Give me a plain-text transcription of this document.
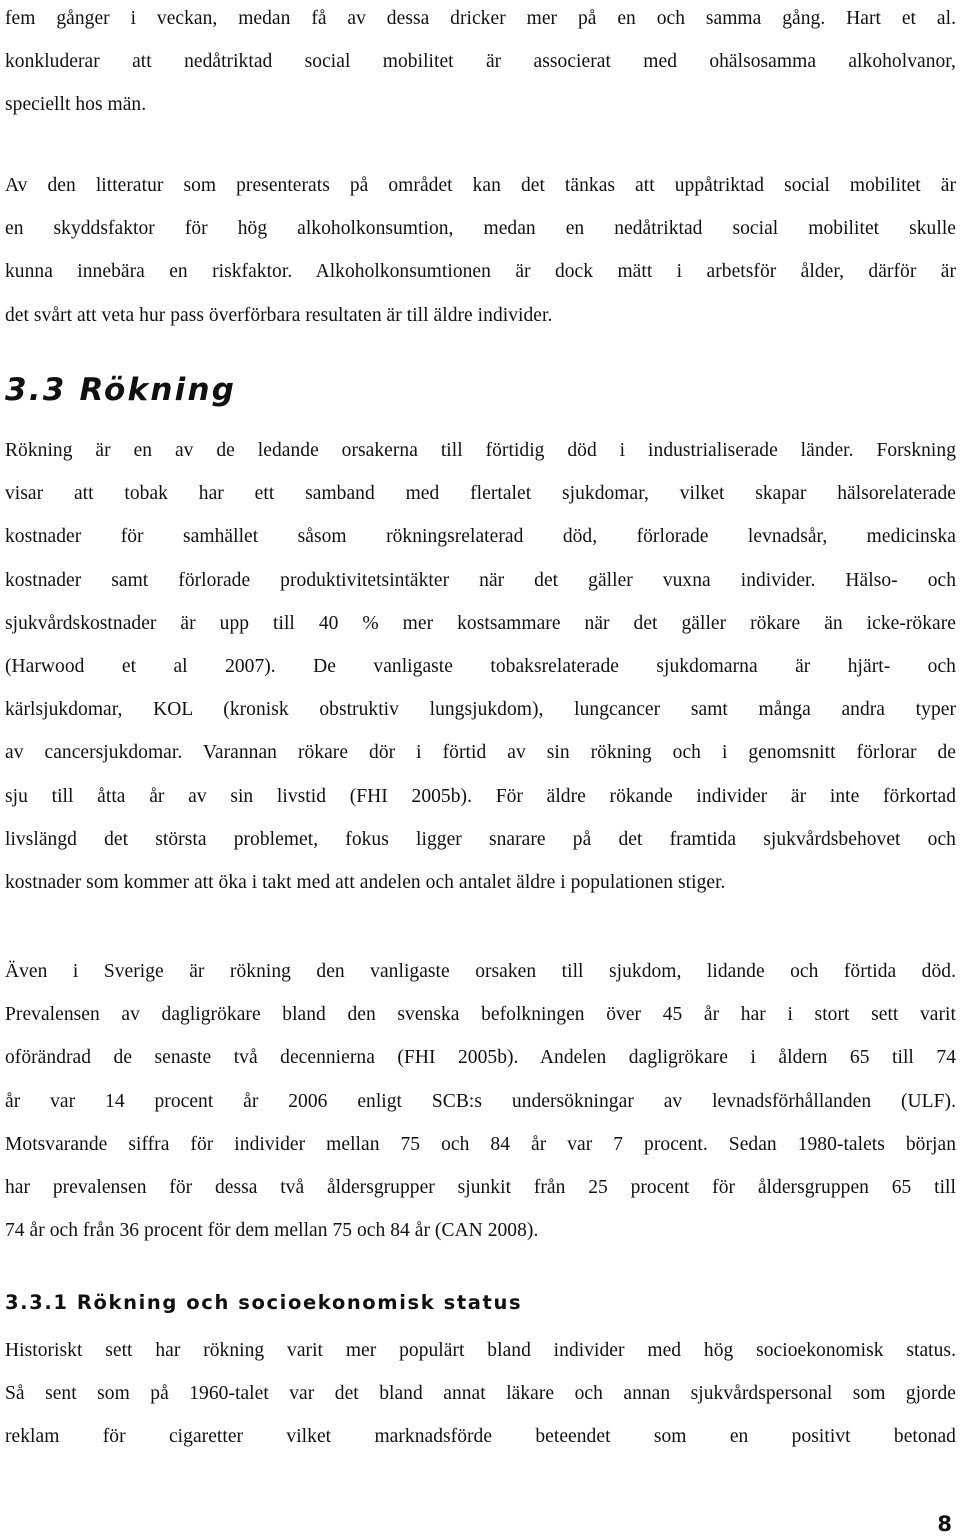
fem gånger i veckan, medan få av dessa dricker mer på en och samma gång. Hart et al.
konkluderar att nedåtriktad social mobilitet är associerat med ohälsosamma alkoholvanor,
speciellt hos män.

Av den litteratur som presenterats på området kan det tänkas att uppåtriktad social mobilitet är
en skyddsfaktor för hög alkoholkonsumtion, medan en nedåtriktad social mobilitet skulle
kunna innebära en riskfaktor. Alkoholkonsumtionen är dock mätt i arbetsför ålder, därför är
det svårt att veta hur pass överförbara resultaten är till äldre individer.

3.3 Rökning

Rökning är en av de ledande orsakerna till förtidig död i industrialiserade länder. Forskning
visar att tobak har ett samband med flertalet sjukdomar, vilket skapar hälsorelaterade
kostnader för samhället såsom rökningsrelaterad död, förlorade levnadsår, medicinska
kostnader samt förlorade produktivitetsintäkter när det gäller vuxna individer. Hälso- och
sjukvårdskostnader är upp till 40 % mer kostsammare när det gäller rökare än icke-rökare
(Harwood et al 2007). De vanligaste tobaksrelaterade sjukdomarna är hjärt- och
kärlsjukdomar, KOL (kronisk obstruktiv lungsjukdom), lungcancer samt många andra typer
av cancersjukdomar. Varannan rökare dör i förtid av sin rökning och i genomsnitt förlorar de
sju till åtta år av sin livstid (FHI 2005b). För äldre rökande individer är inte förkortad
livslängd det största problemet, fokus ligger snarare på det framtida sjukvårdsbehovet och
kostnader som kommer att öka i takt med att andelen och antalet äldre i populationen stiger.

Även i Sverige är rökning den vanligaste orsaken till sjukdom, lidande och förtida död.
Prevalensen av dagligrökare bland den svenska befolkningen över 45 år har i stort sett varit
oförändrad de senaste två decennierna (FHI 2005b). Andelen dagligrökare i åldern 65 till 74
år var 14 procent år 2006 enligt SCB:s undersökningar av levnadsförhållanden (ULF).
Motsvarande siffra för individer mellan 75 och 84 år var 7 procent. Sedan 1980-talets början
har prevalensen för dessa två åldersgrupper sjunkit från 25 procent för åldersgruppen 65 till
74 år och från 36 procent för dem mellan 75 och 84 år (CAN 2008).

3.3.1 Rökning och socioekonomisk status

Historiskt sett har rökning varit mer populärt bland individer med hög socioekonomisk status.
Så sent som på 1960-talet var det bland annat läkare och annan sjukvårdspersonal som gjorde
reklam för cigaretter vilket marknadsförde beteendet som en positivt betonad

8
